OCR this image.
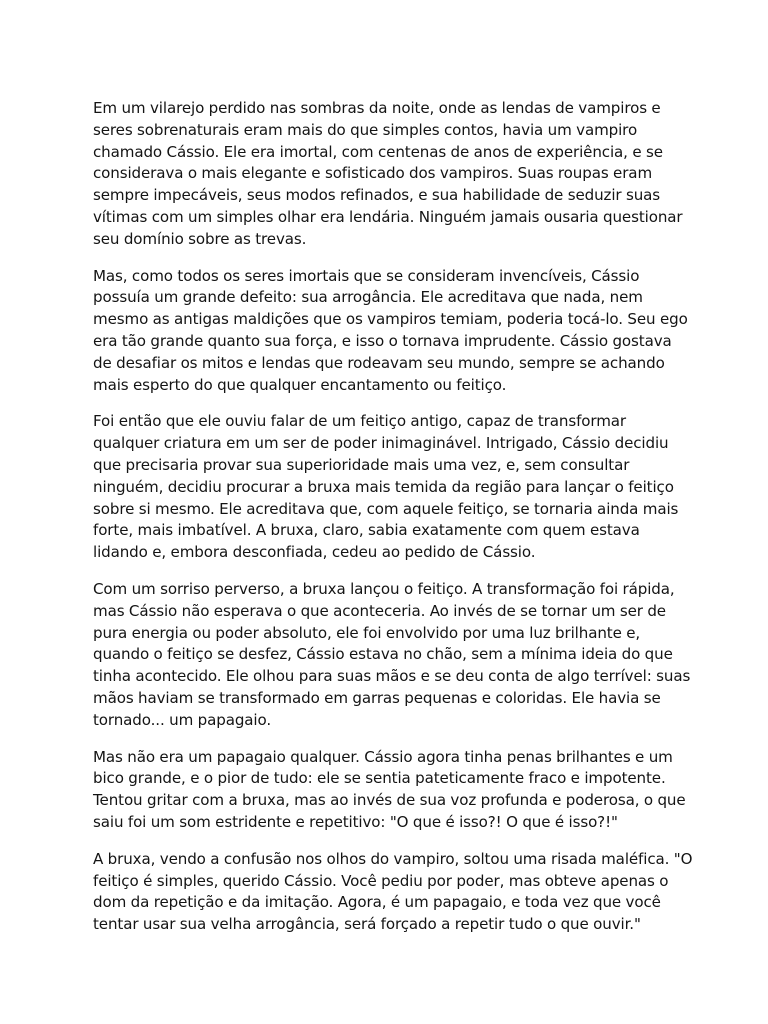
Em um vilarejo perdido nas sombras da noite, onde as lendas de vampiros e seres sobrenaturais eram mais do que simples contos, havia um vampiro chamado Cássio. Ele era imortal, com centenas de anos de experiência, e se considerava o mais elegante e sofisticado dos vampiros. Suas roupas eram sempre impecáveis, seus modos refinados, e sua habilidade de seduzir suas vítimas com um simples olhar era lendária. Ninguém jamais ousaria questionar seu domínio sobre as trevas.

Mas, como todos os seres imortais que se consideram invencíveis, Cássio possuía um grande defeito: sua arrogância. Ele acreditava que nada, nem mesmo as antigas maldições que os vampiros temiam, poderia tocá-lo. Seu ego era tão grande quanto sua força, e isso o tornava imprudente. Cássio gostava de desafiar os mitos e lendas que rodeavam seu mundo, sempre se achando mais esperto do que qualquer encantamento ou feitiço.

Foi então que ele ouviu falar de um feitiço antigo, capaz de transformar qualquer criatura em um ser de poder inimaginável. Intrigado, Cássio decidiu que precisaria provar sua superioridade mais uma vez, e, sem consultar ninguém, decidiu procurar a bruxa mais temida da região para lançar o feitiço sobre si mesmo. Ele acreditava que, com aquele feitiço, se tornaria ainda mais forte, mais imbatível. A bruxa, claro, sabia exatamente com quem estava lidando e, embora desconfiada, cedeu ao pedido de Cássio.

Com um sorriso perverso, a bruxa lançou o feitiço. A transformação foi rápida, mas Cássio não esperava o que aconteceria. Ao invés de se tornar um ser de pura energia ou poder absoluto, ele foi envolvido por uma luz brilhante e, quando o feitiço se desfez, Cássio estava no chão, sem a mínima ideia do que tinha acontecido. Ele olhou para suas mãos e se deu conta de algo terrível: suas mãos haviam se transformado em garras pequenas e coloridas. Ele havia se tornado... um papagaio.

Mas não era um papagaio qualquer. Cássio agora tinha penas brilhantes e um bico grande, e o pior de tudo: ele se sentia pateticamente fraco e impotente. Tentou gritar com a bruxa, mas ao invés de sua voz profunda e poderosa, o que saiu foi um som estridente e repetitivo: "O que é isso?! O que é isso?!"

A bruxa, vendo a confusão nos olhos do vampiro, soltou uma risada maléfica. "O feitiço é simples, querido Cássio. Você pediu por poder, mas obteve apenas o dom da repetição e da imitação. Agora, é um papagaio, e toda vez que você tentar usar sua velha arrogância, será forçado a repetir tudo o que ouvir."
